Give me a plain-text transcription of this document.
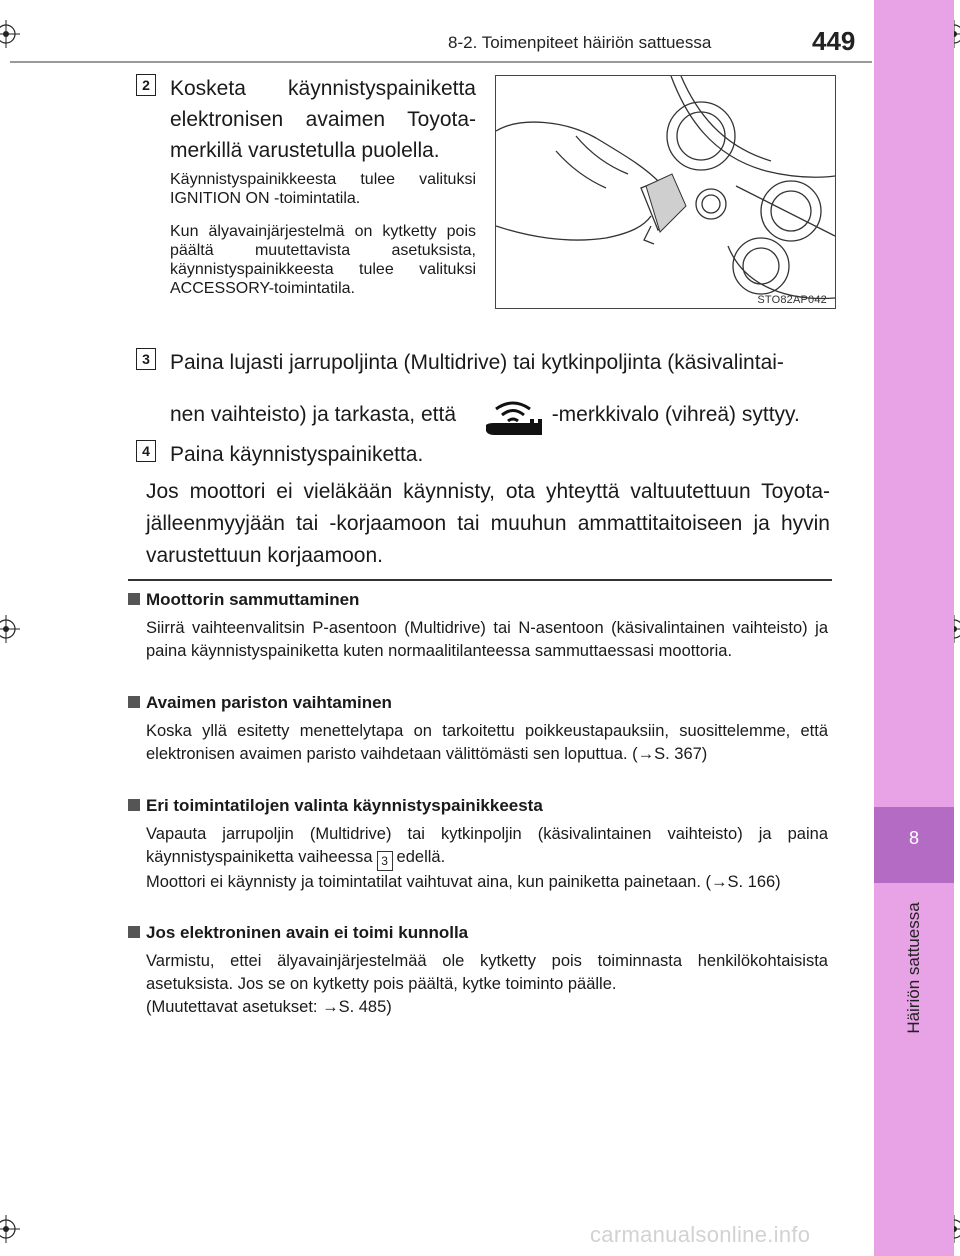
8
Häiriön sattuessa
8-2. Toimenpiteet häiriön sattuessa	449
2 Kosketa käynnistyspainiketta elektronisen avaimen Toyota-merkillä varustetulla puolella.
Käynnistyspainikkeesta tulee valituksi IGNITION ON -toimintatila.
Kun älyavainjärjestelmä on kytketty pois päältä muutettavista asetuksista, käynnistyspainikkeesta tulee valituksi ACCESSORY-toimintatila.
STO82AP042
3 Paina lujasti jarrupoljinta (Multidrive) tai kytkinpoljinta (käsivalintai-
nen vaihteisto) ja tarkasta, että	-merkkivalo (vihreä) syttyy.
4 Paina käynnistyspainiketta.
Jos moottori ei vieläkään käynnisty, ota yhteyttä valtuutettuun Toyota-jälleenmyyjään tai -korjaamoon tai muuhun ammattitaitoiseen ja hyvin varustettuun korjaamoon.
Moottorin sammuttaminen
Siirrä vaihteenvalitsin P-asentoon (Multidrive) tai N-asentoon (käsivalintainen vaihteisto) ja paina käynnistyspainiketta kuten normaalitilanteessa sammuttaessasi moottoria.
Avaimen pariston vaihtaminen
Koska yllä esitetty menettelytapa on tarkoitettu poikkeustapauksiin, suosittelemme, että elektronisen avaimen paristo vaihdetaan välittömästi sen loputtua. (→S. 367)
Eri toimintatilojen valinta käynnistyspainikkeesta
Vapauta jarrupoljin (Multidrive) tai kytkinpoljin (käsivalintainen vaihteisto) ja paina käynnistyspainiketta vaiheessa 3 edellä.
Moottori ei käynnisty ja toimintatilat vaihtuvat aina, kun painiketta painetaan. (→S. 166)
Jos elektroninen avain ei toimi kunnolla
Varmistu, ettei älyavainjärjestelmää ole kytketty pois toiminnasta henkilökohtaisista asetuksista. Jos se on kytketty pois päältä, kytke toiminto päälle.
(Muutettavat asetukset: →S. 485)
carmanualsonline.info
